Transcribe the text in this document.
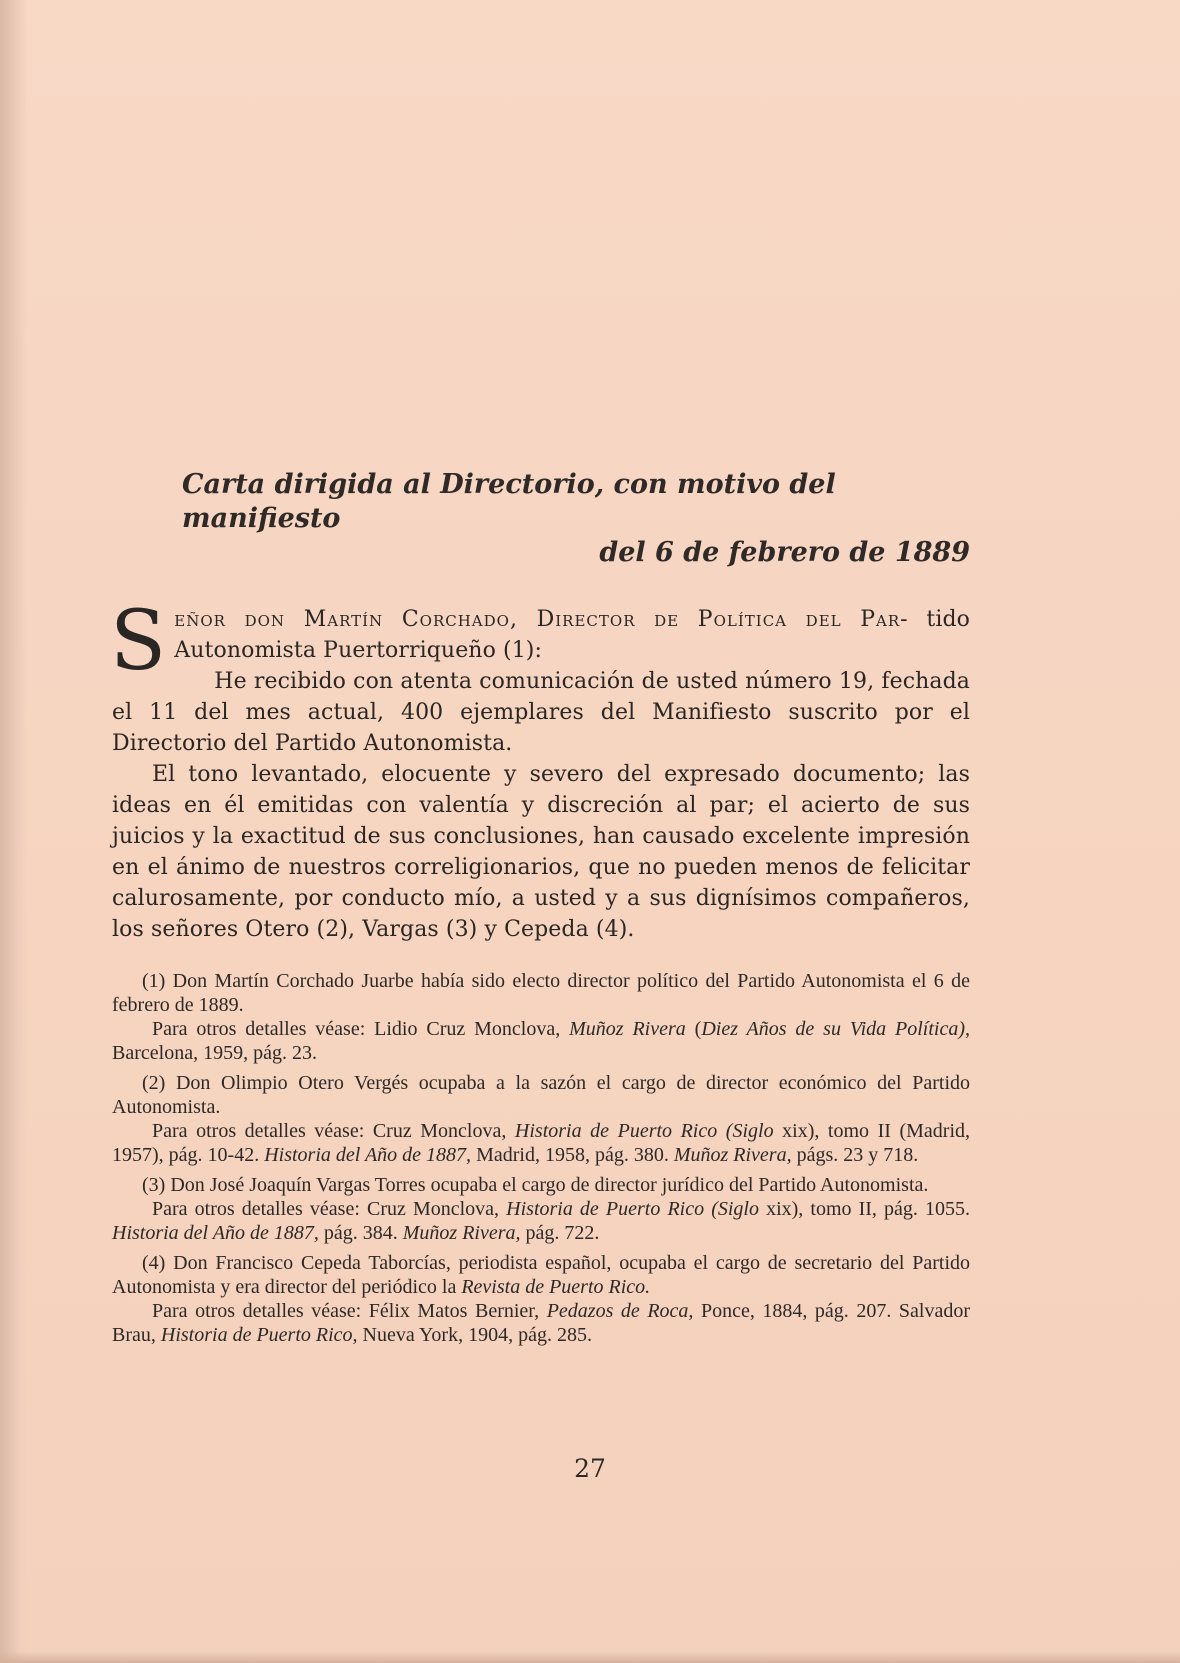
Carta dirigida al Directorio, con motivo del manifiesto
del 6 de febrero de 1889

S eñor don Martín Corchado, Director de Política del Par- tido Autonomista Puertorriqueño (1):

He recibido con atenta comunicación de usted número 19, fechada el 11 del mes actual, 400 ejemplares del Manifiesto suscrito por el Directorio del Partido Autonomista.

El tono levantado, elocuente y severo del expresado documento; las ideas en él emitidas con valentía y discreción al par; el acierto de sus juicios y la exactitud de sus conclusiones, han causado excelente impresión en el ánimo de nuestros correligionarios, que no pueden menos de felicitar calurosamente, por conducto mío, a usted y a sus dignísimos compañeros, los señores Otero (2), Vargas (3) y Cepeda (4).

(1) Don Martín Corchado Juarbe había sido electo director político del Partido Autonomista el 6 de febrero de 1889.

Para otros detalles véase: Lidio Cruz Monclova, Muñoz Rivera (Diez Años de su Vida Política), Barcelona, 1959, pág. 23.

(2) Don Olimpio Otero Vergés ocupaba a la sazón el cargo de director económico del Partido Autonomista.

Para otros detalles véase: Cruz Monclova, Historia de Puerto Rico (Siglo xix), tomo II (Madrid, 1957), pág. 10-42. Historia del Año de 1887, Madrid, 1958, pág. 380. Muñoz Rivera, págs. 23 y 718.

(3) Don José Joaquín Vargas Torres ocupaba el cargo de director jurídico del Partido Autonomista.

Para otros detalles véase: Cruz Monclova, Historia de Puerto Rico (Siglo xix), tomo II, pág. 1055. Historia del Año de 1887, pág. 384. Muñoz Rivera, pág. 722.

(4) Don Francisco Cepeda Taborcías, periodista español, ocupaba el cargo de secretario del Partido Autonomista y era director del periódico la Revista de Puerto Rico.

Para otros detalles véase: Félix Matos Bernier, Pedazos de Roca, Ponce, 1884, pág. 207. Salvador Brau, Historia de Puerto Rico, Nueva York, 1904, pág. 285.

27
